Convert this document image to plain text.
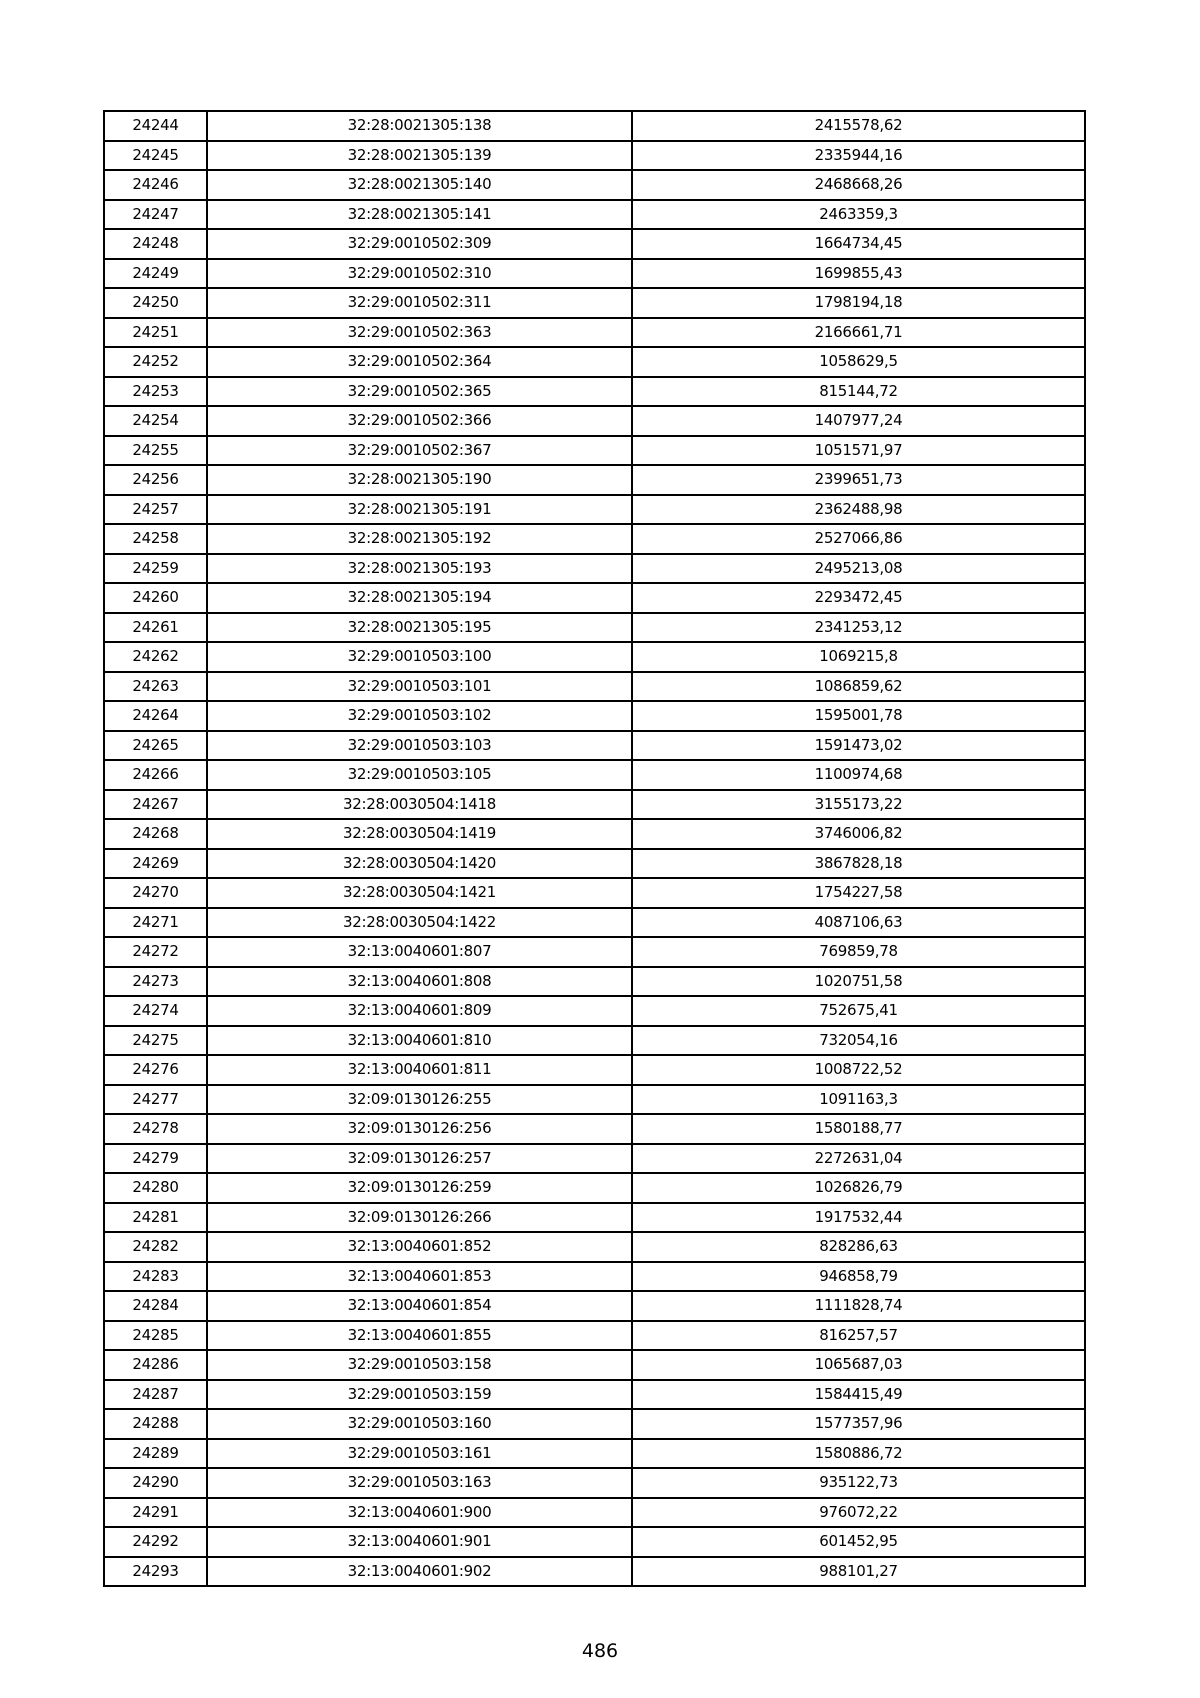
24244	32:28:0021305:138	2415578,62
24245	32:28:0021305:139	2335944,16
24246	32:28:0021305:140	2468668,26
24247	32:28:0021305:141	2463359,3
24248	32:29:0010502:309	1664734,45
24249	32:29:0010502:310	1699855,43
24250	32:29:0010502:311	1798194,18
24251	32:29:0010502:363	2166661,71
24252	32:29:0010502:364	1058629,5
24253	32:29:0010502:365	815144,72
24254	32:29:0010502:366	1407977,24
24255	32:29:0010502:367	1051571,97
24256	32:28:0021305:190	2399651,73
24257	32:28:0021305:191	2362488,98
24258	32:28:0021305:192	2527066,86
24259	32:28:0021305:193	2495213,08
24260	32:28:0021305:194	2293472,45
24261	32:28:0021305:195	2341253,12
24262	32:29:0010503:100	1069215,8
24263	32:29:0010503:101	1086859,62
24264	32:29:0010503:102	1595001,78
24265	32:29:0010503:103	1591473,02
24266	32:29:0010503:105	1100974,68
24267	32:28:0030504:1418	3155173,22
24268	32:28:0030504:1419	3746006,82
24269	32:28:0030504:1420	3867828,18
24270	32:28:0030504:1421	1754227,58
24271	32:28:0030504:1422	4087106,63
24272	32:13:0040601:807	769859,78
24273	32:13:0040601:808	1020751,58
24274	32:13:0040601:809	752675,41
24275	32:13:0040601:810	732054,16
24276	32:13:0040601:811	1008722,52
24277	32:09:0130126:255	1091163,3
24278	32:09:0130126:256	1580188,77
24279	32:09:0130126:257	2272631,04
24280	32:09:0130126:259	1026826,79
24281	32:09:0130126:266	1917532,44
24282	32:13:0040601:852	828286,63
24283	32:13:0040601:853	946858,79
24284	32:13:0040601:854	1111828,74
24285	32:13:0040601:855	816257,57
24286	32:29:0010503:158	1065687,03
24287	32:29:0010503:159	1584415,49
24288	32:29:0010503:160	1577357,96
24289	32:29:0010503:161	1580886,72
24290	32:29:0010503:163	935122,73
24291	32:13:0040601:900	976072,22
24292	32:13:0040601:901	601452,95
24293	32:13:0040601:902	988101,27
486
